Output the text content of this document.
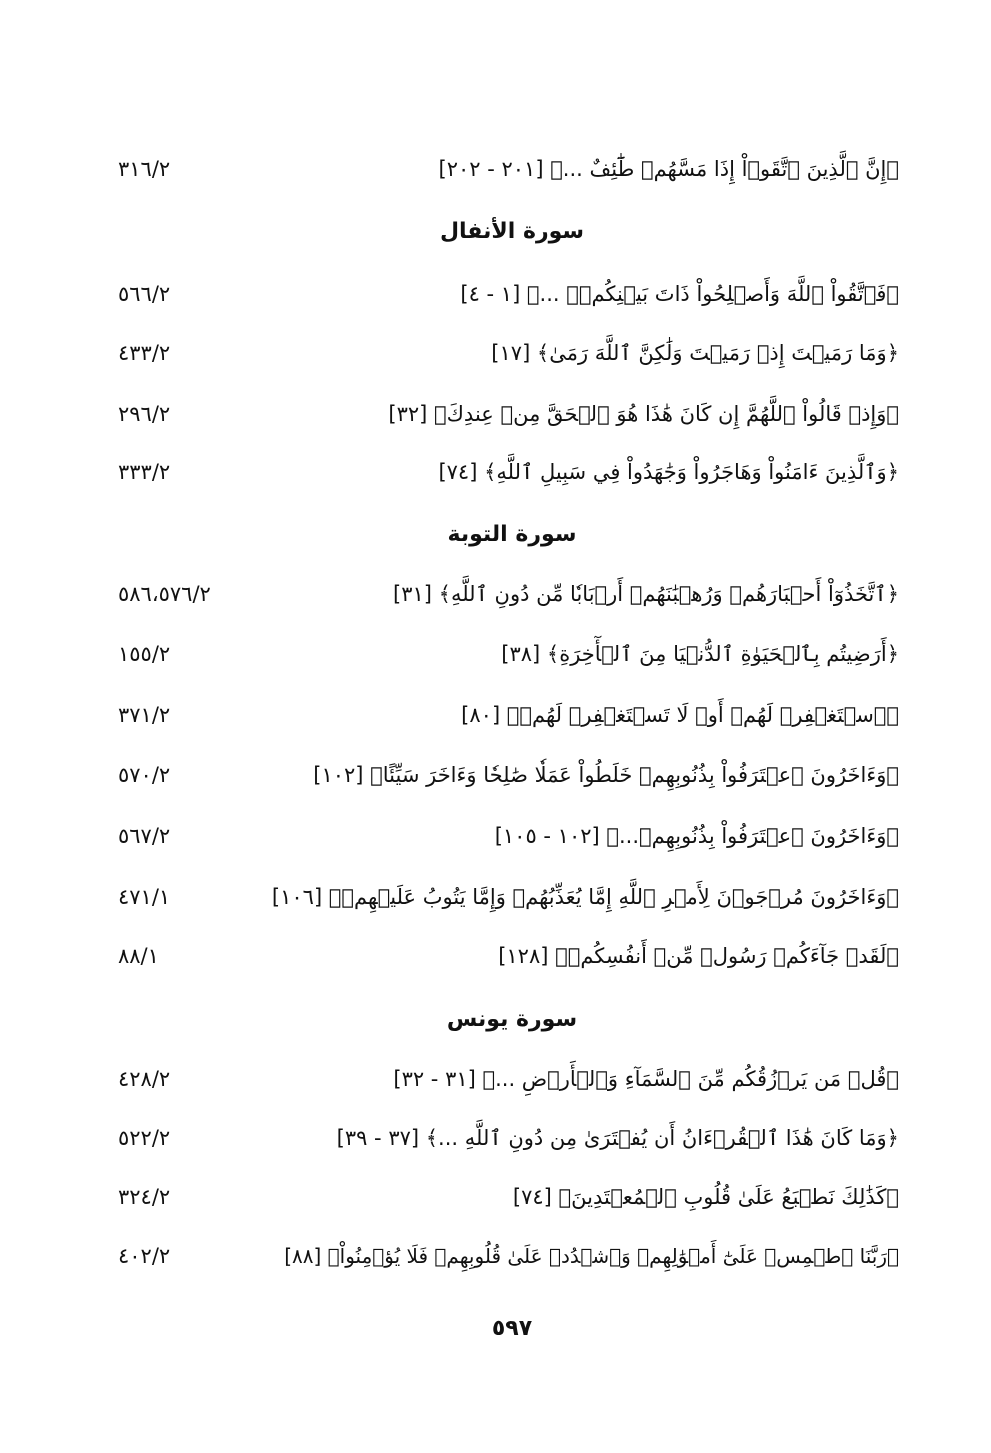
﴿إِنَّ ٱلَّذِينَ ٱتَّقَوۡاْ إِذَا مَسَّهُمۡ طَٰٓئِفٌ ...﴾ [٢٠١ - ٢٠٢]
٣١٦/٢
سورة الأنفال
﴿فَٱتَّقُواْ ٱللَّهَ وَأَصۡلِحُواْ ذَاتَ بَيۡنِكُمۡۖ ...﴾ [١ - ٤]
٥٦٦/٢
﴿وَمَا رَمَيۡتَ إِذۡ رَمَيۡتَ وَلَٰكِنَّ ٱللَّهَ رَمَىٰ﴾ [١٧]
٤٣٣/٢
﴿وَإِذۡ قَالُواْ ٱللَّهُمَّ إِن كَانَ هَٰذَا هُوَ ٱلۡحَقَّ مِنۡ عِندِكَ﴾ [٣٢]
٢٩٦/٢
﴿وَٱلَّذِينَ ءَامَنُواْ وَهَاجَرُواْ وَجَٰهَدُواْ فِي سَبِيلِ ٱللَّهِ﴾ [٧٤]
٣٣٣/٢
سورة التوبة
﴿ٱتَّخَذُوٓاْ أَحۡبَارَهُمۡ وَرُهۡبَٰنَهُمۡ أَرۡبَابٗا مِّن دُونِ ٱللَّهِ﴾ [٣١]
٥٨٦،٥٧٦/٢
﴿أَرَضِيتُم بِٱلۡحَيَوٰةِ ٱلدُّنۡيَا مِنَ ٱلۡأٓخِرَةِ﴾ [٣٨]
١٥٥/٢
﴿ٱسۡتَغۡفِرۡ لَهُمۡ أَوۡ لَا تَسۡتَغۡفِرۡ لَهُمۡ﴾ [٨٠]
٣٧١/٢
﴿وَءَاخَرُونَ ٱعۡتَرَفُواْ بِذُنُوبِهِمۡ خَلَطُواْ عَمَلٗا صَٰلِحٗا وَءَاخَرَ سَيِّئًا﴾ [١٠٢]
٥٧٠/٢
﴿وَءَاخَرُونَ ٱعۡتَرَفُواْ بِذُنُوبِهِمۡ...﴾ [١٠٢ - ١٠٥]
٥٦٧/٢
﴿وَءَاخَرُونَ مُرۡجَوۡنَ لِأَمۡرِ ٱللَّهِ إِمَّا يُعَذِّبُهُمۡ وَإِمَّا يَتُوبُ عَلَيۡهِمۡ﴾ [١٠٦]
٤٧١/١
﴿لَقَدۡ جَآءَكُمۡ رَسُولٞ مِّنۡ أَنفُسِكُمۡ﴾ [١٢٨]
٨٨/١
سورة يونس
﴿قُلۡ مَن يَرۡزُقُكُم مِّنَ ٱلسَّمَآءِ وَٱلۡأَرۡضِ ...﴾ [٣١ - ٣٢]
٤٢٨/٢
﴿وَمَا كَانَ هَٰذَا ٱلۡقُرۡءَانُ أَن يُفۡتَرَىٰ مِن دُونِ ٱللَّهِ ...﴾ [٣٧ - ٣٩]
٥٢٢/٢
﴿كَذَٰلِكَ نَطۡبَعُ عَلَىٰ قُلُوبِ ٱلۡمُعۡتَدِينَ﴾ [٧٤]
٣٢٤/٢
﴿رَبَّنَا ٱطۡمِسۡ عَلَىٰٓ أَمۡوَٰلِهِمۡ وَٱشۡدُدۡ عَلَىٰ قُلُوبِهِمۡ فَلَا يُؤۡمِنُواْ﴾ [٨٨]
٤٠٢/٢
٥٩٧
